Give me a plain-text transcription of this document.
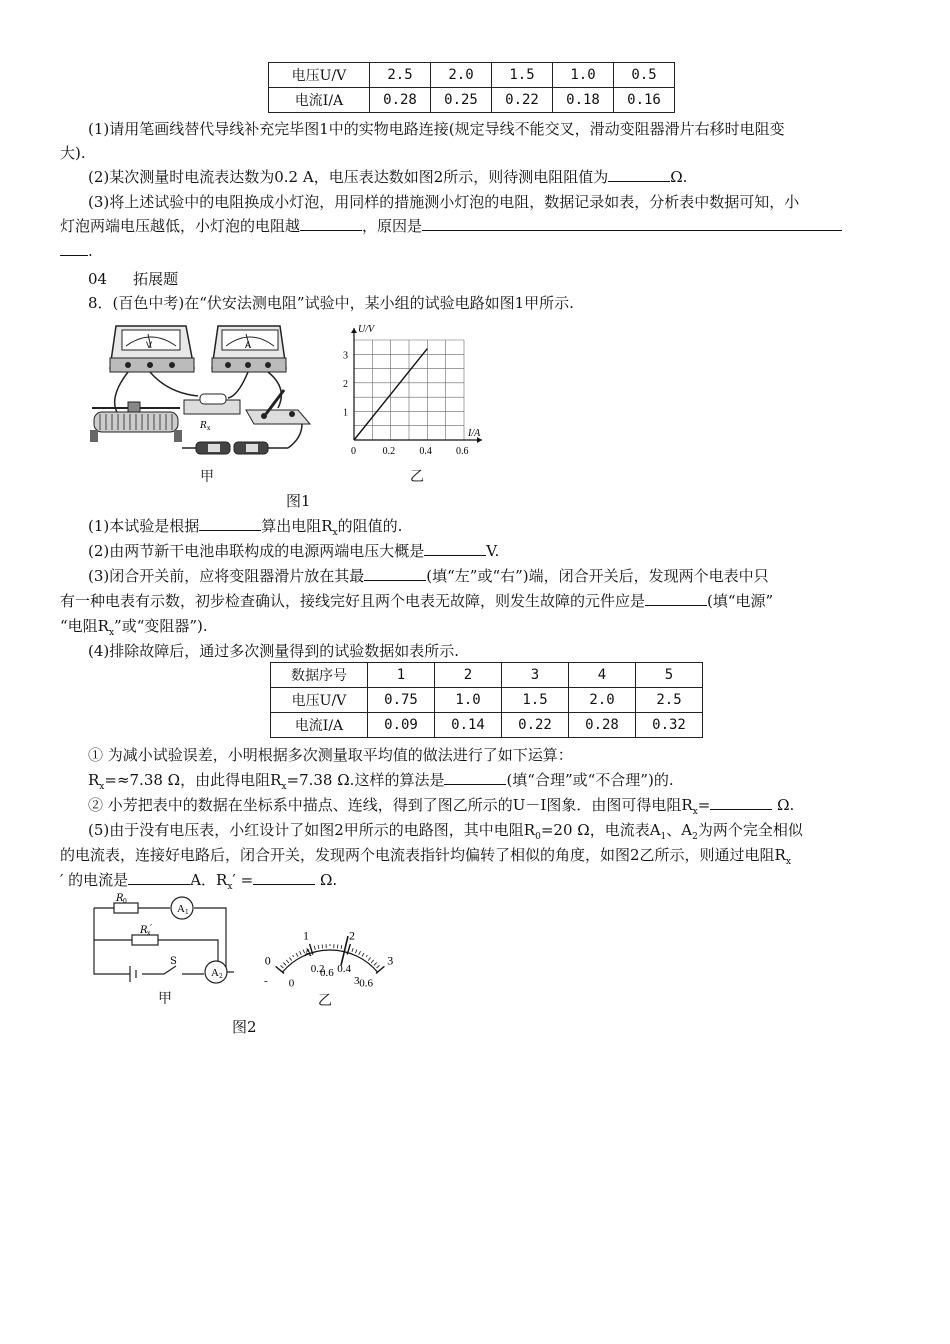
电压U/V	2.5	2.0	1.5	1.0	0.5
电流I/A	0.28	0.25	0.22	0.18	0.16
(1)请用笔画线替代导线补充完毕图1中的实物电路连接(规定导线不能交叉，滑动变阻器滑片右移时电阻变
大).
(2)某次测量时电流表达数为0.2 A，电压表达数如图2所示，则待测电阻阻值为	Ω.
(3)将上述试验中的电阻换成小灯泡，用同样的措施测小灯泡的电阻，数据记录如表，分析表中数据可知，小
灯泡两端电压越低，小灯泡的电阻越	，原因是
.
04 拓展题
8．(百色中考)在“伏安法测电阻”试验中，某小组的试验电路如图1甲所示.
V	A
R x
甲
0	0.2 0.4 0.6
1
2
3
I/A
U/V
乙
图1
(1)本试验是根据	算出电阻$R_x$的阻值的.
(2)由两节新干电池串联构成的电源两端电压大概是	V.
(3)闭合开关前，应将变阻器滑片放在其最	(填“左”或“右”)端，闭合开关后，发现两个电表中只
有一种电表有示数，初步检查确认，接线完好且两个电表无故障，则发生故障的元件应是	(填“电源”
“电阻$R_x$”或“变阻器”).
(4)排除故障后，通过多次测量得到的试验数据如表所示.
数据序号	1	2	3	4	5
电压U/V	0.75	1.0	1.5	2.0	2.5
电流I/A	0.09	0.14	0.22	0.28	0.32
① 为减小试验误差，小明根据多次测量取平均值的做法进行了如下运算：
$R_x=\approx 7.38$ Ω，由此得电阻$R_x=7.38$ Ω.这样的算法是	(填“合理”或“不合理”)的.
② 小芳把表中的数据在坐标系中描点、连线，得到了图乙所示的U－I图象．由图可得电阻$R_x=$	Ω.
(5)由于没有电压表，小红设计了如图2甲所示的电路图，其中电阻$R_0=20$ Ω，电流表$A_1$、$A_2$为两个完全相似
的电流表，连接好电路后，闭合开关，发现两个电流表指针均偏转了相似的角度，如图2乙所示，则通过电阻$R_x$
′ 的电流是	A．$R_x'$ =	Ω.
A 1
A 2
R 0
R x ′
S
甲
0
1	2
3
0
0.2 0.4
0.6
A
-
0.6
3
乙
图2
